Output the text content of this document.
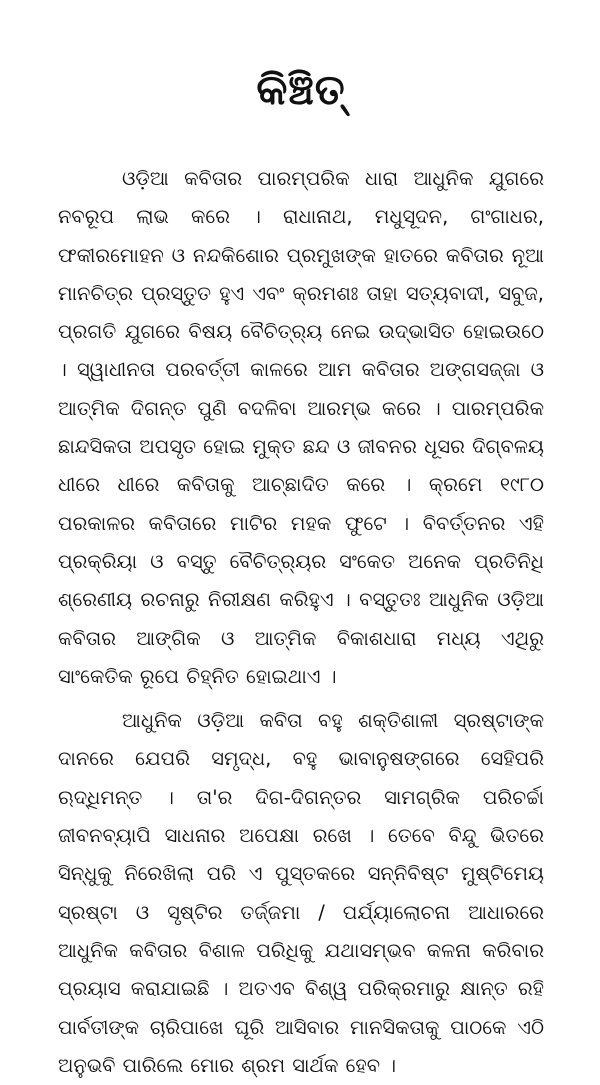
କିଞ୍ଚିତ୍

ଓଡ଼ିଆ କବିତାର ପାରମ୍ପରିକ ଧାରା ଆଧୁନିକ ଯୁଗରେ ନବରୂପ ଲାଭ କରେ । ରାଧାନାଥ, ମଧୁସୂଦନ, ଗଂଗାଧର, ଫକୀରମୋହନ ଓ ନନ୍ଦକିଶୋର ପ୍ରମୁଖଙ୍କ ହାତରେ କବିତାର ନୂଆ ମାନଚିତ୍ର ପ୍ରସ୍ତୁତ ହୁଏ ଏବଂ କ୍ରମଶଃ ତାହା ସତ୍ୟବାଦୀ, ସବୁଜ, ପ୍ରଗତି ଯୁଗରେ ବିଷୟ ବୈଚିତ୍ର୍ୟ ନେଇ ଉଦ୍‌ଭାସିତ ହୋଇଉଠେ । ସ୍ୱାଧୀନତା ପରବର୍ତ୍ତୀ କାଳରେ ଆମ କବିତାର ଅଙ୍ଗସଜ୍ଜା ଓ ଆତ୍ମିକ ଦିଗନ୍ତ ପୁଣି ବଦଳିବା ଆରମ୍ଭ କରେ । ପାରମ୍ପରିକ ଛାନ୍ଦସିକତା ଅପସୃତ ହୋଇ ମୁକ୍ତ ଛନ୍ଦ ଓ ଜୀବନର ଧୂସର ଦିଗ୍‌ବଳୟ ଧୀରେ ଧୀରେ କବିତାକୁ ଆଚ୍ଛାଦିତ କରେ । କ୍ରମେ ୧୯୮୦ ପରକାଳର କବିତାରେ ମାଟିର ମହକ ଫୁଟେ । ବିବର୍ତ୍ତନର ଏହି ପ୍ରକ୍ରିୟା ଓ ବସ୍ତୁ ବୈଚିତ୍ର୍ୟର ସଂକେତ ଅନେକ ପ୍ରତିନିଧି ଶ୍ରେଣୀୟ ରଚନାରୁ ନିରୀକ୍ଷଣ କରିହୁଏ । ବସ୍ତୁତଃ ଆଧୁନିକ ଓଡ଼ିଆ କବିତାର ଆଙ୍ଗିକ ଓ ଆତ୍ମିକ ବିକାଶଧାରା ମଧ୍ୟ ଏଥିରୁ ସାଂକେତିକ ରୂପେ ଚିହ୍ନିତ ହୋଇଥାଏ ।

ଆଧୁନିକ ଓଡ଼ିଆ କବିତା ବହୁ ଶକ୍ତିଶାଳୀ ସ୍ରଷ୍ଟାଙ୍କ ଦାନରେ ଯେପରି ସମୃଦ୍ଧ, ବହୁ ଭାବାନୁଷଙ୍ଗରେ ସେହିପରି ଋଦ୍ଧିମନ୍ତ । ତା'ର ଦିଗ-ଦିଗନ୍ତର ସାମଗ୍ରିକ ପରିଚର୍ଚ୍ଚା ଜୀବନବ୍ୟାପି ସାଧନାର ଅପେକ୍ଷା ରଖେ । ତେବେ ବିନ୍ଦୁ ଭିତରେ ସିନ୍ଧୁକୁ ନିରେଖିଲା ପରି ଏ ପୁସ୍ତକରେ ସନ୍ନିବିଷ୍ଟ ମୁଷ୍ଟିମେୟ ସ୍ରଷ୍ଟା ଓ ସୃଷ୍ଟିର ତର୍ଜ୍ଜମା / ପର୍ଯ୍ୟାଲୋଚନା ଆଧାରରେ ଆଧୁନିକ କବିତାର ବିଶାଳ ପରିଧିକୁ ଯଥାସମ୍ଭବ କଳନା କରିବାର ପ୍ରୟାସ କରାଯାଇଛି । ଅତଏବ ବିଶ୍ୱ ପରିକ୍ରମାରୁ କ୍ଷାନ୍ତ ରହି ପାର୍ବତୀଙ୍କ ଚାରିପାଖେ ଘୂରି ଆସିବାର ମାନସିକତାକୁ ପାଠକେ ଏଠି ଅନୁଭବି ପାରିଲେ ମୋର ଶ୍ରମ ସାର୍ଥକ ହେବ ।
